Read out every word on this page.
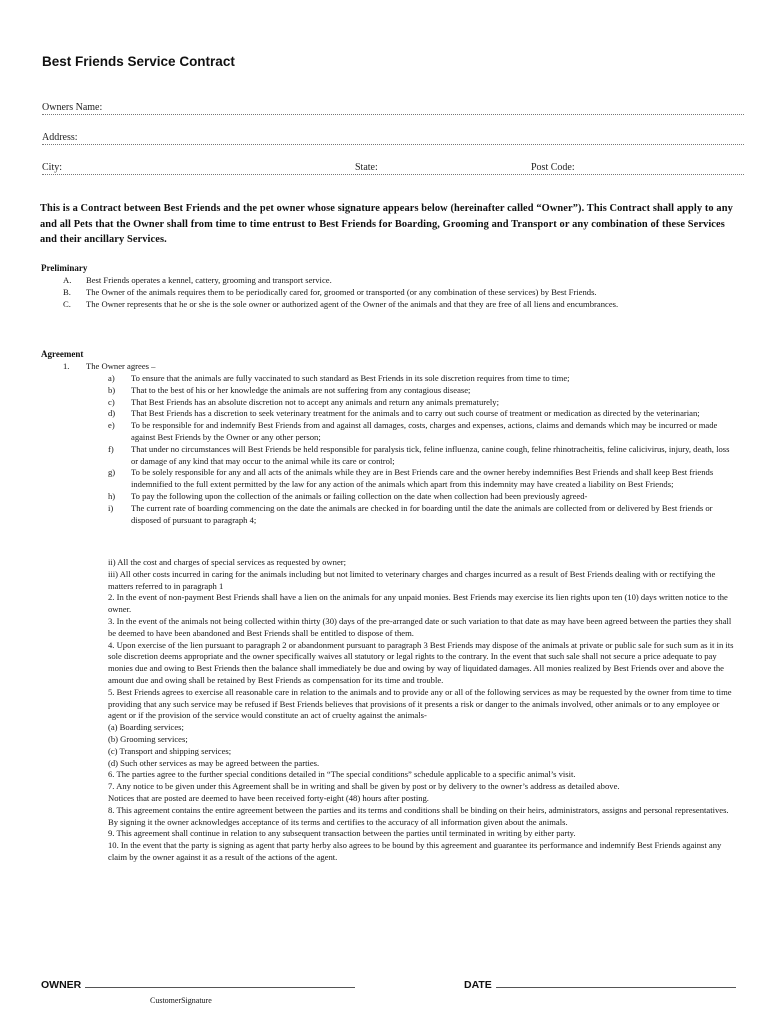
Best Friends Service Contract
Owners Name:
Address:
City:	State:	Post Code:
This is a Contract between Best Friends and the pet owner whose signature appears below (hereinafter called “Owner”). This Contract shall apply to any and all Pets that the Owner shall from time to time entrust to Best Friends for Boarding, Grooming and Transport or any combination of these Services and their ancillary Services.
Preliminary
A. Best Friends operates a kennel, cattery, grooming and transport service.
B. The Owner of the animals requires them to be periodically cared for, groomed or transported (or any combination of these services) by Best Friends.
C. The Owner represents that he or she is the sole owner or authorized agent of the Owner of the animals and that they are free of all liens and encumbrances.
Agreement
1. The Owner agrees –
a) To ensure that the animals are fully vaccinated to such standard as Best Friends in its sole discretion requires from time to time;
b) That to the best of his or her knowledge the animals are not suffering from any contagious disease;
c) That Best Friends has an absolute discretion not to accept any animals and return any animals prematurely;
d) That Best Friends has a discretion to seek veterinary treatment for the animals and to carry out such course of treatment or medication as directed by the veterinarian;
e) To be responsible for and indemnify Best Friends from and against all damages, costs, charges and expenses, actions, claims and demands which may be incurred or made against Best Friends by the Owner or any other person;
f) That under no circumstances will Best Friends be held responsible for paralysis tick, feline influenza, canine cough, feline rhinotracheitis, feline calicivirus, injury, death, loss or damage of any kind that may occur to the animal while its care or control;
g) To be solely responsible for any and all acts of the animals while they are in Best Friends care and the owner hereby indemnifies Best Friends and shall keep Best friends indemnified to the full extent permitted by the law for any action of the animals which apart from this indemnity may have created a liability on Best Friends;
h) To pay the following upon the collection of the animals or failing collection on the date when collection had been previously agreed-
i) The current rate of boarding commencing on the date the animals are checked in for boarding until the date the animals are collected from or delivered by Best friends or disposed of pursuant to paragraph 4;

ii) All the cost and charges of special services as requested by owner;

iii) All other costs incurred in caring for the animals including but not limited to veterinary charges and charges incurred as a result of Best Friends dealing with or rectifying the matters referred to in paragraph 1

2. In the event of non-payment Best Friends shall have a lien on the animals for any unpaid monies. Best Friends may exercise its lien rights upon ten (10) days written notice to the owner.

3. In the event of the animals not being collected within thirty (30) days of the pre-arranged date or such variation to that date as may have been agreed between the parties they shall be deemed to have been abandoned and Best Friends shall be entitled to dispose of them.

4. Upon exercise of the lien pursuant to paragraph 2 or abandonment pursuant to paragraph 3 Best Friends may dispose of the animals at private or public sale for such sum as it in its sole discretion deems appropriate and the owner specifically waives all statutory or legal rights to the contrary. In the event that such sale shall not secure a price adequate to pay monies due and owing to Best Friends then the balance shall immediately be due and owing by way of liquidated damages. All monies realized by Best Friends over and above the amount due and owing shall be retained by Best Friends as compensation for its time and trouble.

5. Best Friends agrees to exercise all reasonable care in relation to the animals and to provide any or all of the following services as may be requested by the owner from time to time providing that any such service may be refused if Best Friends believes that provisions of it presents a risk or danger to the animals involved, other animals or to any employee or agent or if the provision of the service would constitute an act of cruelty against the animals-

(a) Boarding services;

(b) Grooming services;

(c) Transport and shipping services;

(d) Such other services as may be agreed between the parties.

6. The parties agree to the further special conditions detailed in “The special conditions” schedule applicable to a specific animal’s visit.

7. Any notice to be given under this Agreement shall be in writing and shall be given by post or by delivery to the owner’s address as detailed above.

Notices that are posted are deemed to have been received forty-eight (48) hours after posting.

8. This agreement contains the entire agreement between the parties and its terms and conditions shall be binding on their heirs, administrators, assigns and personal representatives. By signing it the owner acknowledges acceptance of its terms and certifies to the accuracy of all information given about the animals.

9. This agreement shall continue in relation to any subsequent transaction between the parties until terminated in writing by either party.

10. In the event that the party is signing as agent that party herby also agrees to be bound by this agreement and guarantee its performance and indemnify Best Friends against any claim by the owner against it as a result of the actions of the agent.

OWNER	DATE
CustomerSignature
